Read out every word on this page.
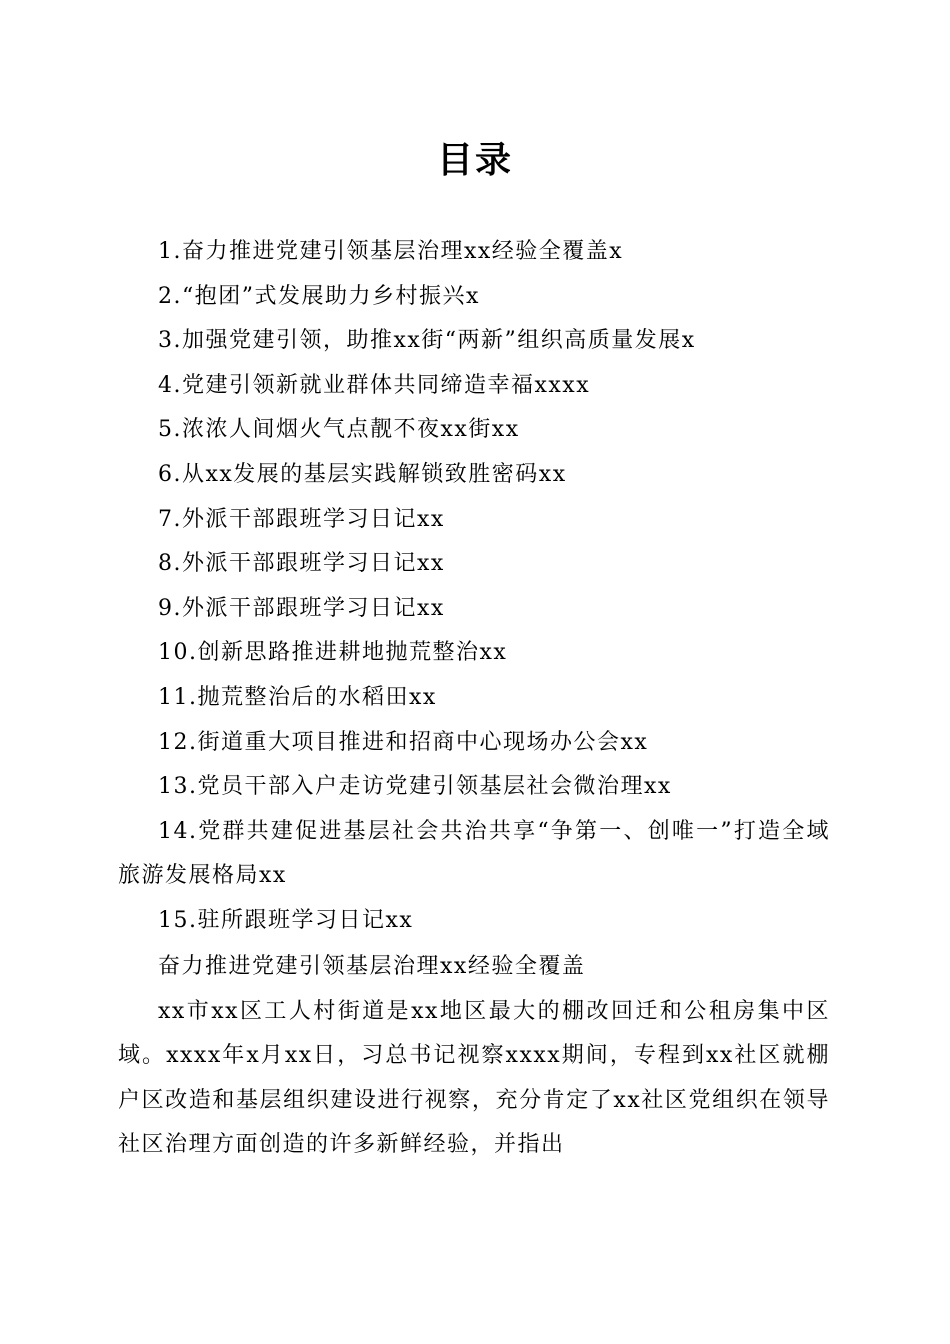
目录
1.奋力推进党建引领基层治理xx经验全覆盖x
2.“抱团”式发展助力乡村振兴x
3.加强党建引领，助推xx街“两新”组织高质量发展x
4.党建引领新就业群体共同缔造幸福xxxx
5.浓浓人间烟火气点靓不夜xx街xx
6.从xx发展的基层实践解锁致胜密码xx
7.外派干部跟班学习日记xx
8.外派干部跟班学习日记xx
9.外派干部跟班学习日记xx
10.创新思路推进耕地抛荒整治xx
11.抛荒整治后的水稻田xx
12.街道重大项目推进和招商中心现场办公会xx
13.党员干部入户走访党建引领基层社会微治理xx
14.党群共建促进基层社会共治共享“争第一、创唯一”打造全域旅游发展格局xx
15.驻所跟班学习日记xx
奋力推进党建引领基层治理xx经验全覆盖
xx市xx区工人村街道是xx地区最大的棚改回迁和公租房集中区域。xxxx年x月xx日，习总书记视察xxxx期间，专程到xx社区就棚户区改造和基层组织建设进行视察，充分肯定了xx社区党组织在领导社区治理方面创造的许多新鲜经验，并指出
